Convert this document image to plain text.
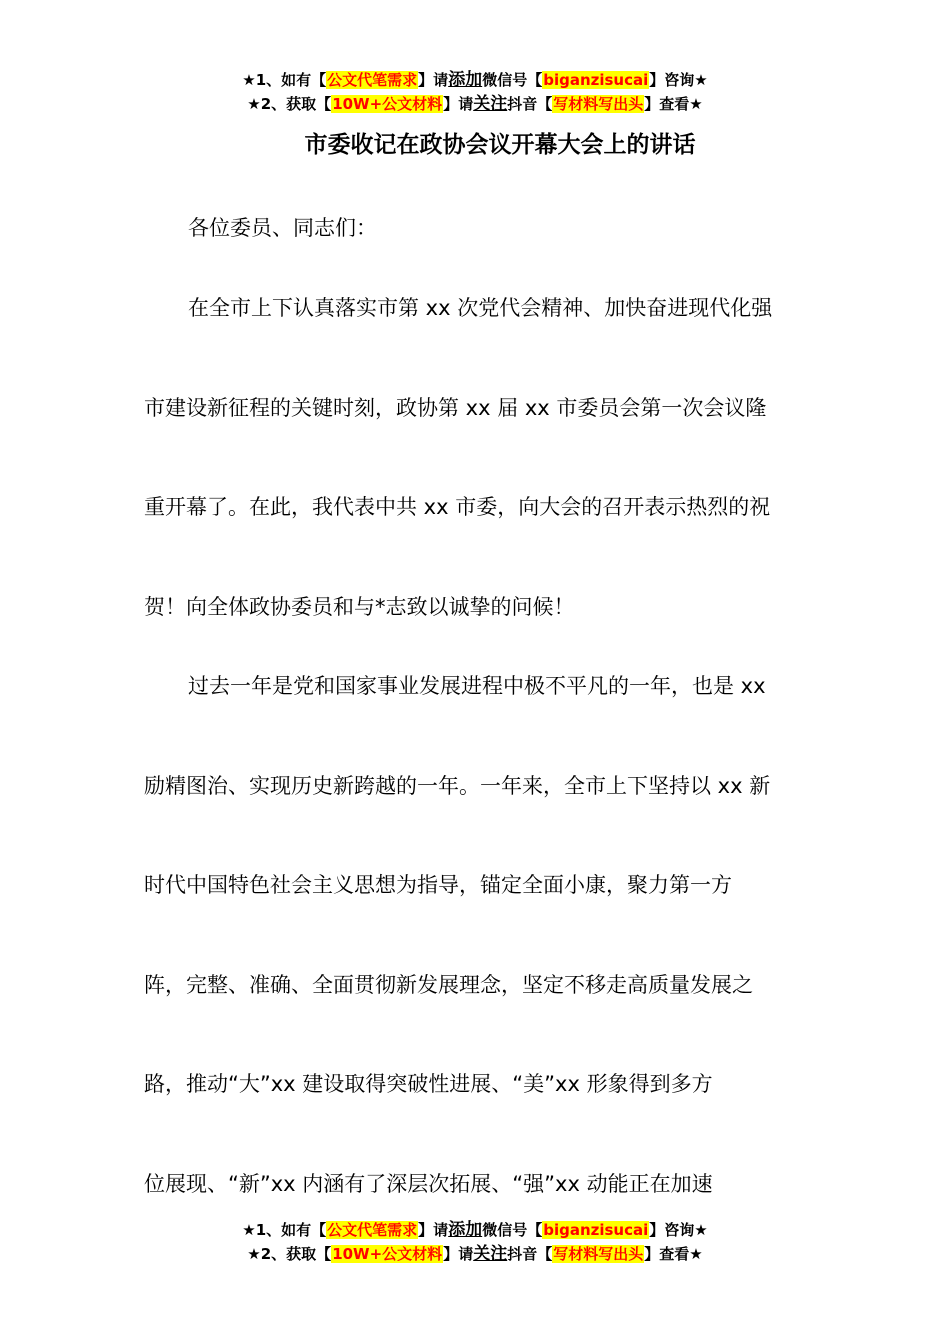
★1、如有【公文代笔需求】请添加微信号【biganzisucai】咨询★
★2、获取【10W+公文材料】请关注抖音【写材料写出头】查看★
市委收记在政协会议开幕大会上的讲话
各位委员、同志们：
在全市上下认真落实市第 xx 次党代会精神、加快奋进现代化强
市建设新征程的关键时刻，政协第 xx 届 xx 市委员会第一次会议隆
重开幕了。在此，我代表中共 xx 市委，向大会的召开表示热烈的祝
贺！向全体政协委员和与*志致以诚挚的问候！
过去一年是党和国家事业发展进程中极不平凡的一年，也是 xx
励精图治、实现历史新跨越的一年。一年来，全市上下坚持以 xx 新
时代中国特色社会主义思想为指导，锚定全面小康，聚力第一方
阵，完整、准确、全面贯彻新发展理念，坚定不移走高质量发展之
路，推动“大”xx 建设取得突破性进展、“美”xx 形象得到多方
位展现、“新”xx 内涵有了深层次拓展、“强”xx 动能正在加速
★1、如有【公文代笔需求】请添加微信号【biganzisucai】咨询★
★2、获取【10W+公文材料】请关注抖音【写材料写出头】查看★
